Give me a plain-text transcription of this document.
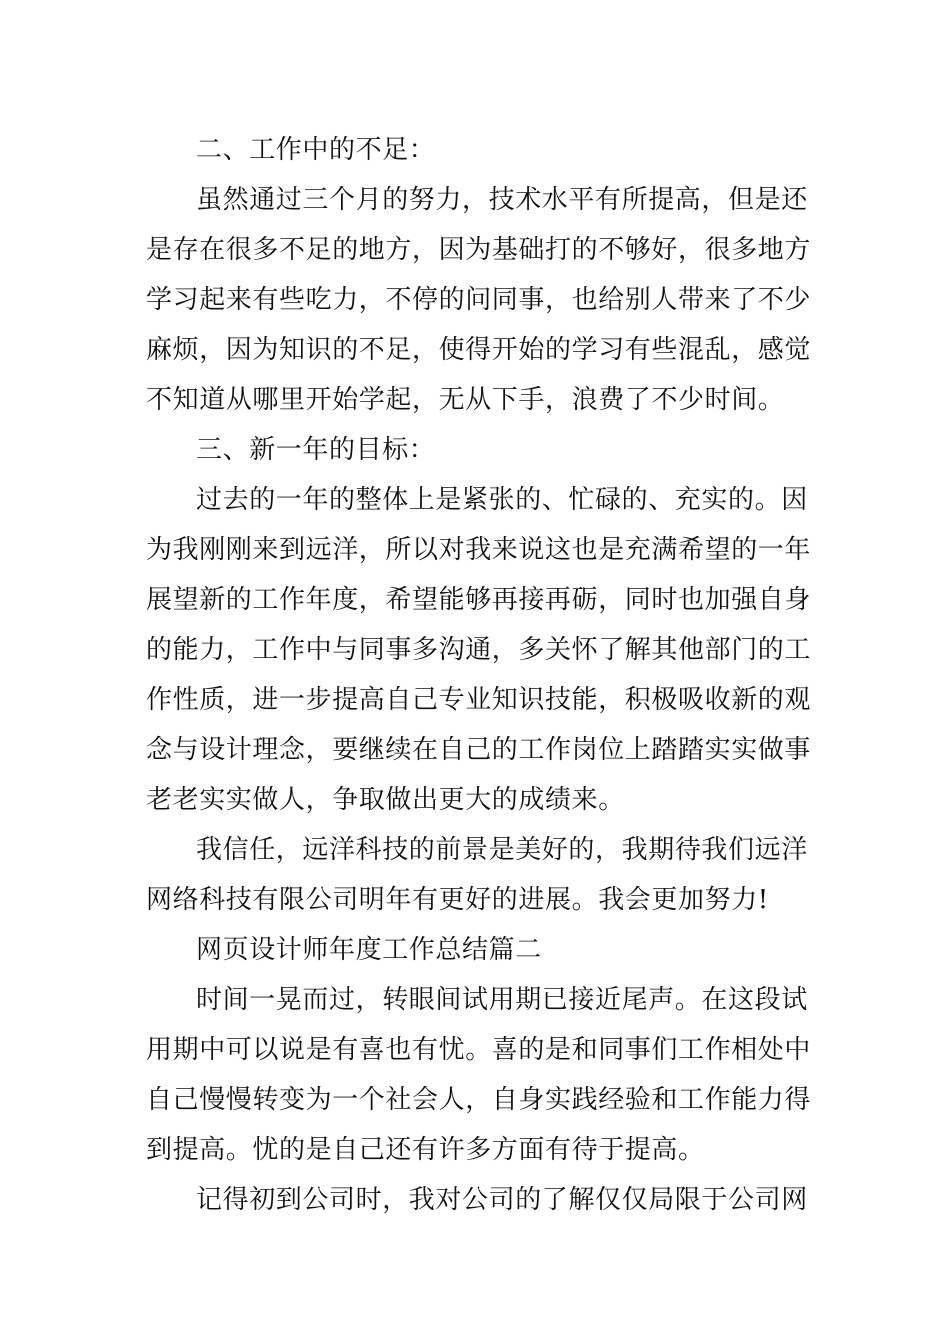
二、工作中的不足：
虽然通过三个月的努力，技术水平有所提高，但是还
是存在很多不足的地方，因为基础打的不够好，很多地方
学习起来有些吃力，不停的问同事，也给别人带来了不少
麻烦，因为知识的不足，使得开始的学习有些混乱，感觉
不知道从哪里开始学起，无从下手，浪费了不少时间。
三、新一年的目标：
过去的一年的整体上是紧张的、忙碌的、充实的。因
为我刚刚来到远洋，所以对我来说这也是充满希望的一年
展望新的工作年度，希望能够再接再砺，同时也加强自身
的能力，工作中与同事多沟通，多关怀了解其他部门的工
作性质，进一步提高自己专业知识技能，积极吸收新的观
念与设计理念，要继续在自己的工作岗位上踏踏实实做事
老老实实做人，争取做出更大的成绩来。
我信任，远洋科技的前景是美好的，我期待我们远洋
网络科技有限公司明年有更好的进展。我会更加努力!
网页设计师年度工作总结篇二
时间一晃而过，转眼间试用期已接近尾声。在这段试
用期中可以说是有喜也有忧。喜的是和同事们工作相处中
自己慢慢转变为一个社会人，自身实践经验和工作能力得
到提高。忧的是自己还有许多方面有待于提高。
记得初到公司时，我对公司的了解仅仅局限于公司网
